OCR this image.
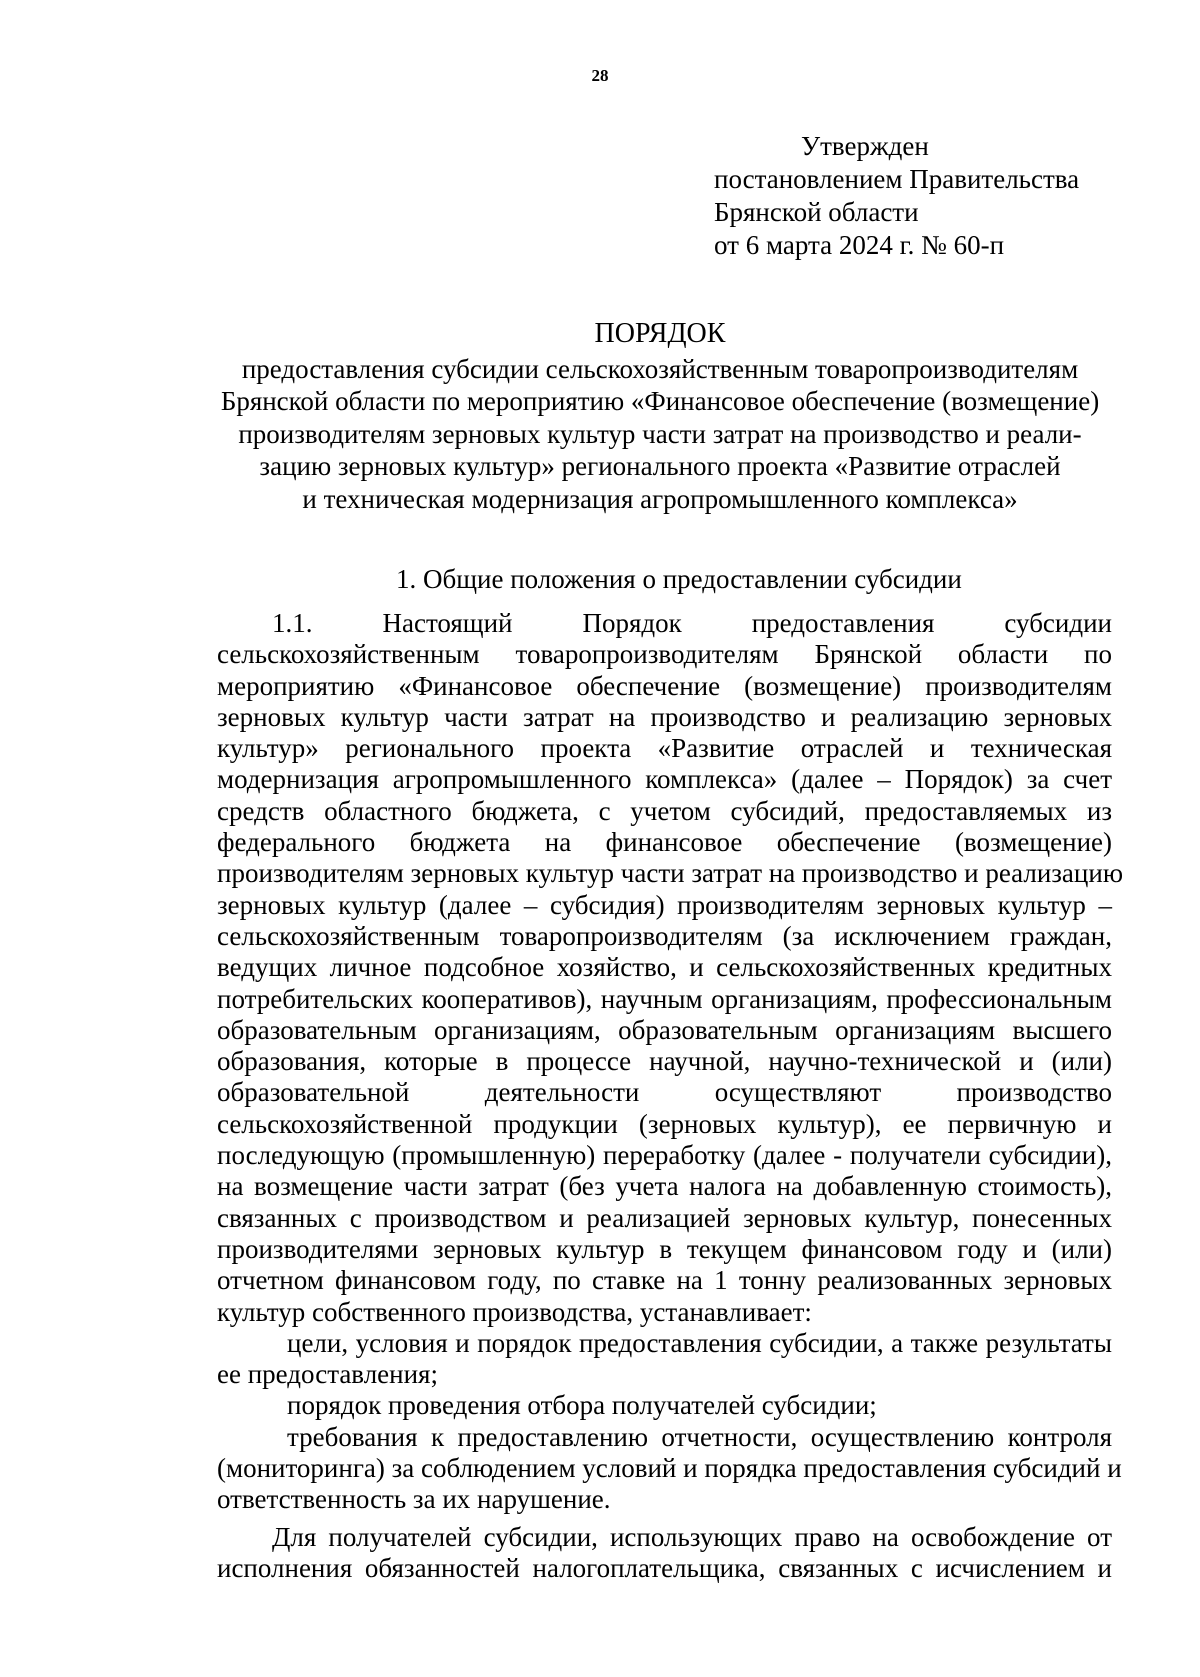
28
Утвержден
постановлением Правительства
Брянской области
от 6 марта 2024 г. № 60-п
ПОРЯДОК
предоставления субсидии сельскохозяйственным товаропроизводителям
Брянской области по мероприятию «Финансовое обеспечение (возмещение)
производителям зерновых культур части затрат на производство и реали-
зацию зерновых культур» регионального проекта «Развитие отраслей
и техническая модернизация агропромышленного комплекса»
1. Общие положения о предоставлении субсидии
1.1. Настоящий Порядок предоставления субсидии
сельскохозяйственным товаропроизводителям Брянской области по
мероприятию «Финансовое обеспечение (возмещение) производителям
зерновых культур части затрат на производство и реализацию зерновых
культур» регионального проекта «Развитие отраслей и техническая
модернизация агропромышленного комплекса» (далее – Порядок) за счет
средств областного бюджета, с учетом субсидий, предоставляемых из
федерального бюджета на финансовое обеспечение (возмещение)
производителям зерновых культур части затрат на производство и реализацию
зерновых культур (далее – субсидия) производителям зерновых культур –
сельскохозяйственным товаропроизводителям (за исключением граждан,
ведущих личное подсобное хозяйство, и сельскохозяйственных кредитных
потребительских кооперативов), научным организациям, профессиональным
образовательным организациям, образовательным организациям высшего
образования, которые в процессе научной, научно-технической и (или)
образовательной деятельности осуществляют производство
сельскохозяйственной продукции (зерновых культур), ее первичную и
последующую (промышленную) переработку (далее - получатели субсидии),
на возмещение части затрат (без учета налога на добавленную стоимость),
связанных с производством и реализацией зерновых культур, понесенных
производителями зерновых культур в текущем финансовом году и (или)
отчетном финансовом году, по ставке на 1 тонну реализованных зерновых
культур собственного производства, устанавливает:
цели, условия и порядок предоставления субсидии, а также результаты
ее предоставления;
порядок проведения отбора получателей субсидии;
требования к предоставлению отчетности, осуществлению контроля
(мониторинга) за соблюдением условий и порядка предоставления субсидий и
ответственность за их нарушение.
Для получателей субсидии, использующих право на освобождение от
исполнения обязанностей налогоплательщика, связанных с исчислением и
